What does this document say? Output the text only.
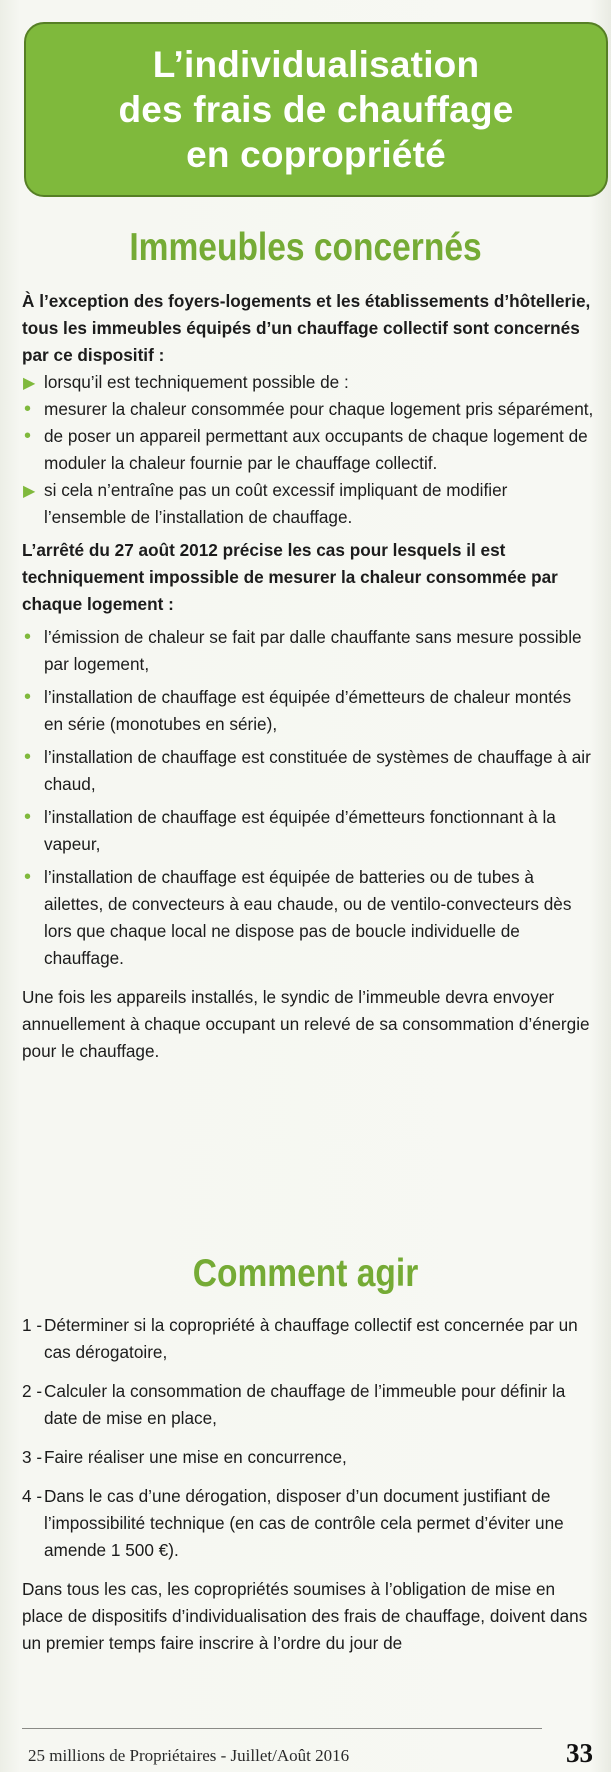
L’individualisation
des frais de chauffage
en copropriété
Immeubles concernés

À l’exception des foyers-logements et les établissements d’hôtellerie, tous les immeubles équipés d’un chauffage collectif sont concernés par ce dispositif :

▶ lorsqu’il est techniquement possible de :

• mesurer la chaleur consommée pour chaque logement pris séparément,

• de poser un appareil permettant aux occupants de chaque logement de moduler la chaleur fournie par le chauffage collectif.

▶ si cela n’entraîne pas un coût excessif impliquant de modifier l’ensemble de l’installation de chauffage.

L’arrêté du 27 août 2012 précise les cas pour lesquels il est techniquement impossible de mesurer la chaleur consommée par chaque logement :

• l’émission de chaleur se fait par dalle chauffante sans mesure possible par logement,

• l’installation de chauffage est équipée d’émetteurs de chaleur montés en série (monotubes en série),

• l’installation de chauffage est constituée de systèmes de chauffage à air chaud,

• l’installation de chauffage est équipée d’émetteurs fonctionnant à la vapeur,

• l’installation de chauffage est équipée de batteries ou de tubes à ailettes, de convecteurs à eau chaude, ou de ventilo-convecteurs dès lors que chaque local ne dispose pas de boucle individuelle de chauffage.

Une fois les appareils installés, le syndic de l’immeuble devra envoyer annuellement à chaque occupant un relevé de sa consommation d’énergie pour le chauffage.

Comment agir

1 - Déterminer si la copropriété à chauffage collectif est concernée par un cas dérogatoire,

2 - Calculer la consommation de chauffage de l’immeuble pour définir la date de mise en place,

3 - Faire réaliser une mise en concurrence,

4 - Dans le cas d’une dérogation, disposer d’un document justifiant de l’impossibilité technique (en cas de contrôle cela permet d’éviter une amende 1 500 €).

Dans tous les cas, les copropriétés soumises à l’obligation de mise en place de dispositifs d’individualisation des frais de chauffage, doivent dans un premier temps faire inscrire à l’ordre du jour de

25 millions de Propriétaires - Juillet/Août 2016	33
